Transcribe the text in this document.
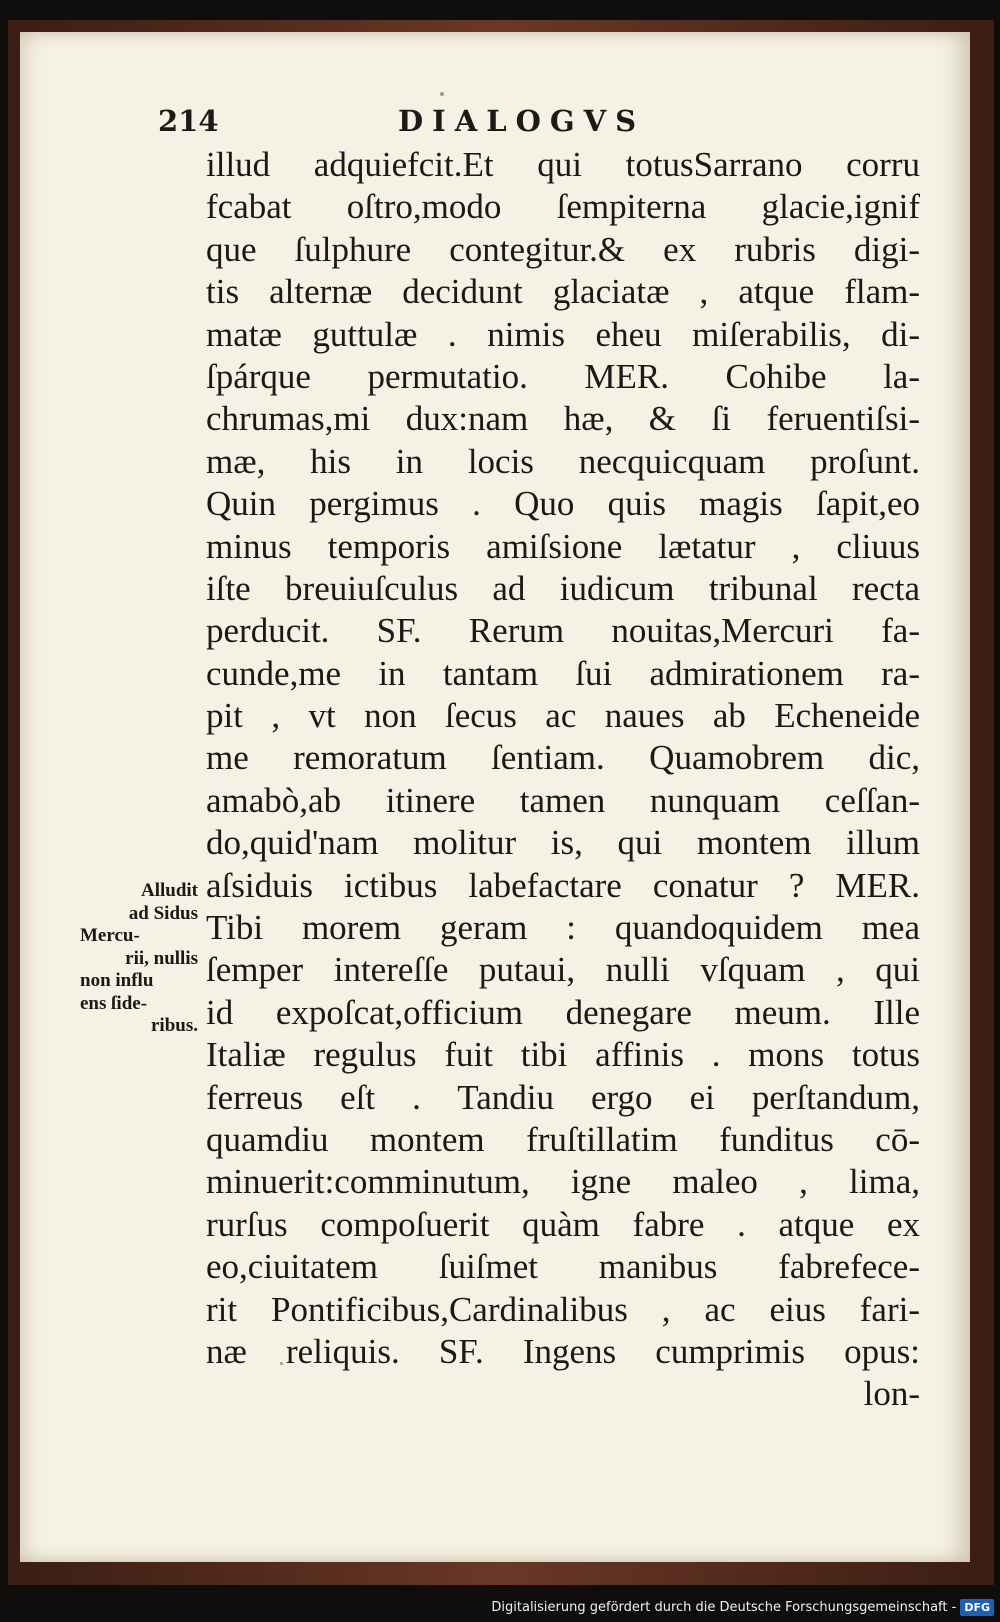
214	DIALOGVS
illud adquiefcit.Et qui totusSarrano corru
fcabat oſtro,modo ſempiterna glacie,ignif
que ſulphure contegitur.& ex rubris digi-
tis alternæ decidunt glaciatæ , atque flam-
matæ guttulæ . nimis eheu miſerabilis, di-
ſpárque permutatio. MER. Cohibe la-
chrumas,mi dux:nam hæ, & ſi feruentiſsi-
mæ, his in locis necquicquam proſunt.
Quin pergimus . Quo quis magis ſapit,eo
minus temporis amiſsione lætatur , cliuus
iſte breuiuſculus ad iudicum tribunal recta
perducit. SF. Rerum nouitas,Mercuri fa-
cunde,me in tantam ſui admirationem ra-
pit , vt non ſecus ac naues ab Echeneide
me remoratum ſentiam. Quamobrem dic,
amabò,ab itinere tamen nunquam ceſſan-
do,quid'nam molitur is, qui montem illum
aſsiduis ictibus labefactare conatur ? MER.
Tibi morem geram : quandoquidem mea
ſemper intereſſe putaui, nulli vſquam , qui
id expoſcat,officium denegare meum. Ille
Italiæ regulus fuit tibi affinis . mons totus
ferreus eſt . Tandiu ergo ei perſtandum,
quamdiu montem fruſtillatim funditus cō-
minuerit:comminutum, igne maleo , lima,
rurſus compoſuerit quàm fabre . atque ex
eo,ciuitatem ſuiſmet manibus fabrefece-
rit Pontificibus,Cardinalibus , ac eius fari-
næ reliquis. SF. Ingens cumprimis opus:
lon-
Alludit
ad Sidus
Mercu-
rii, nullis
non influ
ens ſide-
ribus.
Digitalisierung gefördert durch die Deutsche Forschungsgemeinschaft - DFG
